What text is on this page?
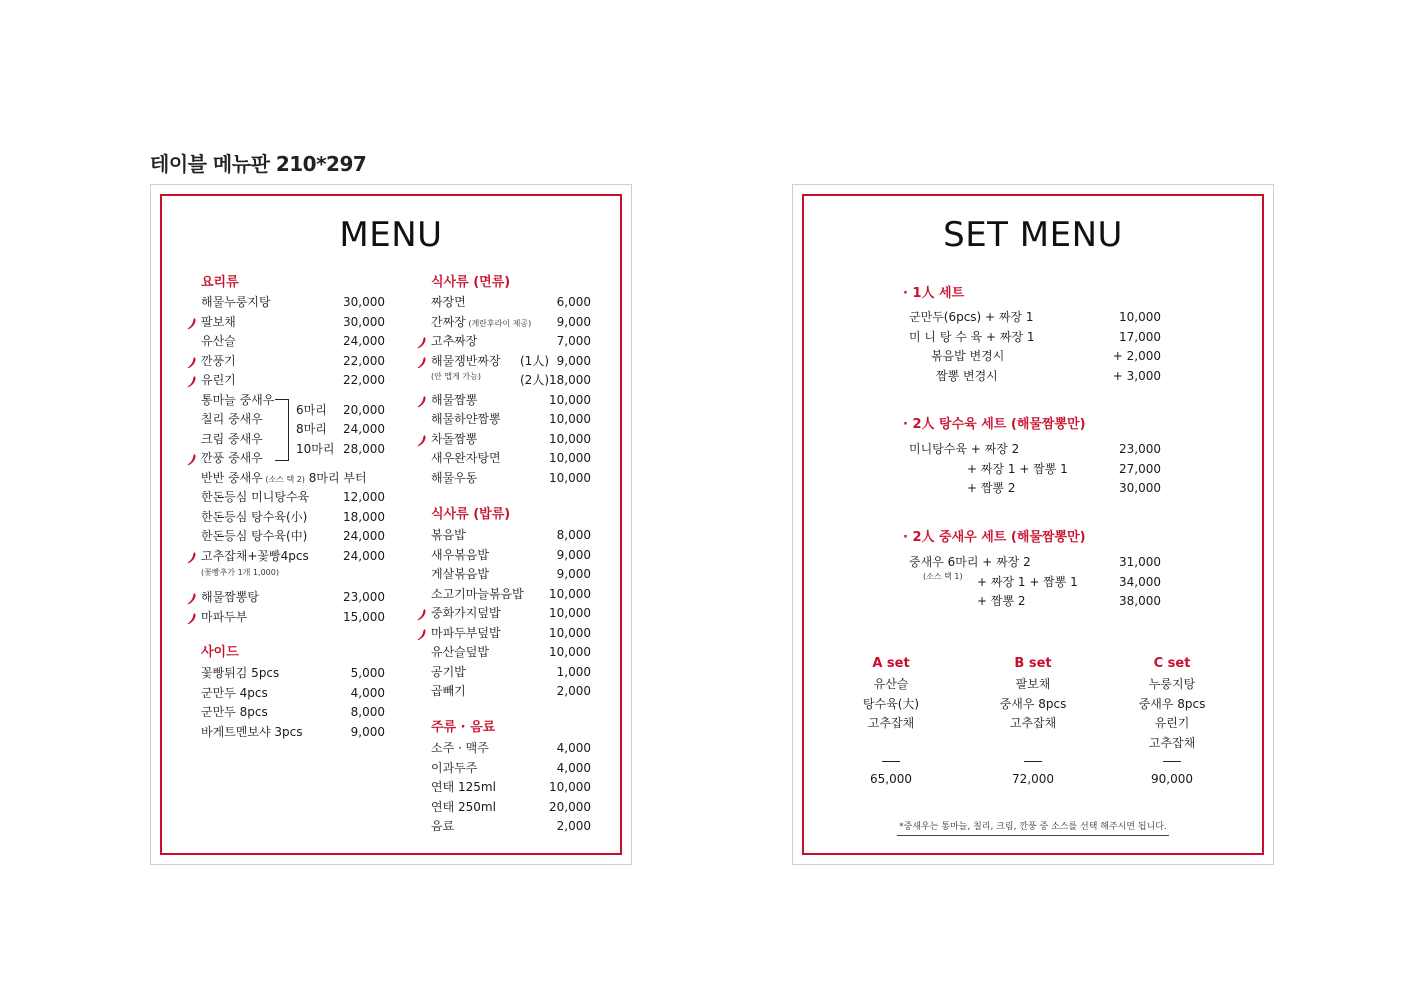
테이블 메뉴판 210*297
MENU
요리류	식사류 (면류)
식사류 (밥류)
사이드
주류 · 음료
해물누룽지탕	30,000
팔보채	30,000
유산슬	24,000
깐풍기	22,000
유린기	22,000
통마늘 중새우
칠리 중새우
크림 중새우
깐풍 중새우
6마리 20,000
8마리 24,000
10마리 28,000
반반 중새우 (소스 택 2) 8마리 부터
한돈등심 미니탕수육	12,000
한돈등심 탕수육(小)	18,000
한돈등심 탕수육(中)	24,000
고추잡채+꽃빵4pcs	24,000
(꽃빵추가 1개 1,000)
해물짬뽕탕	23,000
마파두부	15,000
꽃빵튀김 5pcs	5,000
군만두 4pcs	4,000
군만두 8pcs	8,000
바게트멘보샤 3pcs	9,000
짜장면	6,000
간짜장 (계란후라이 제공) 9,000
고추짜장	7,000
해물쟁반짜장 (1人) 9,000
(2人) 18,000
(안 맵게 가능)
해물짬뽕	10,000
해물하얀짬뽕	10,000
차돌짬뽕	10,000
새우완자탕면	10,000
해물우동	10,000
볶음밥	8,000
새우볶음밥	9,000
게살볶음밥	9,000
소고기마늘볶음밥 10,000
중화가지덮밥	10,000
마파두부덮밥	10,000
유산슬덮밥	10,000
공기밥	1,000
곱빼기	2,000
소주 · 맥주	4,000
이과두주	4,000
연태 125ml	10,000
연태 250ml	20,000
음료	2,000
SET MENU
· 1人 세트
· 2人 탕수육 세트 (해물짬뽕만)
· 2人 중새우 세트 (해물짬뽕만)
군만두(6pcs) + 짜장 1	10,000
미 니 탕 수 육 + 짜장 1	17,000
볶음밥 변경시	+ 2,000
짬뽕 변경시	+ 3,000
미니탕수육 + 짜장 2	23,000
+ 짜장 1 + 짬뽕 1	27,000
+ 짬뽕 2	30,000
중새우 6마리 + 짜장 2	31,000
+ 짜장 1 + 짬뽕 1	34,000
+ 짬뽕 2	38,000
(소스 택 1)
A set
유산슬
탕수육(大)
고추잡채
65,000
B set
팔보채
중새우 8pcs
고추잡채
72,000
C set
누룽지탕
중새우 8pcs
유린기
고추잡채
90,000
*중새우는 통마늘, 칠리, 크림, 깐풍 중 소스를 선택 해주시면 됩니다.
